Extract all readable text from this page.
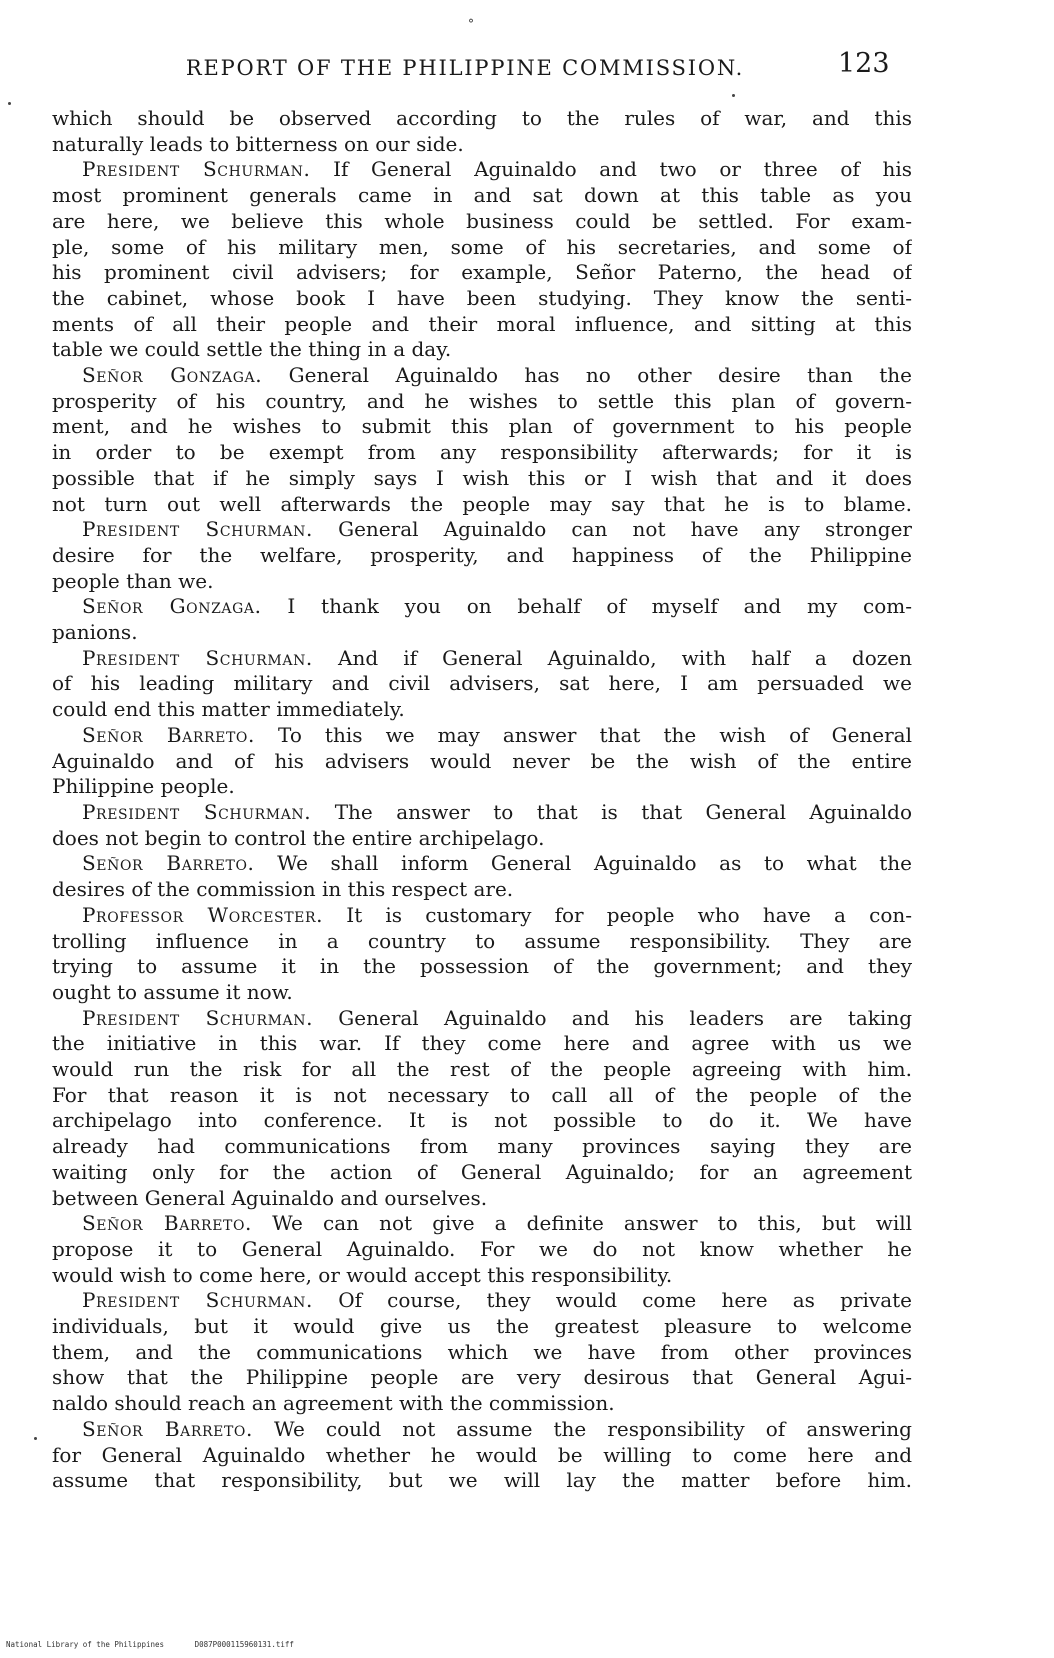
°
REPORT OF THE PHILIPPINE COMMISSION.	123
which should be observed according to the rules of war, and this
naturally leads to bitterness on our side.
President Schurman. If General Aguinaldo and two or three of his
most prominent generals came in and sat down at this table as you
are here, we believe this whole business could be settled. For exam-
ple, some of his military men, some of his secretaries, and some of
his prominent civil advisers; for example, Señor Paterno, the head of
the cabinet, whose book I have been studying. They know the senti-
ments of all their people and their moral influence, and sitting at this
table we could settle the thing in a day.
Señor Gonzaga. General Aguinaldo has no other desire than the
prosperity of his country, and he wishes to settle this plan of govern-
ment, and he wishes to submit this plan of government to his people
in order to be exempt from any responsibility afterwards; for it is
possible that if he simply says I wish this or I wish that and it does
not turn out well afterwards the people may say that he is to blame.
President Schurman. General Aguinaldo can not have any stronger
desire for the welfare, prosperity, and happiness of the Philippine
people than we.
Señor Gonzaga. I thank you on behalf of myself and my com-
panions.
President Schurman. And if General Aguinaldo, with half a dozen
of his leading military and civil advisers, sat here, I am persuaded we
could end this matter immediately.
Señor Barreto. To this we may answer that the wish of General
Aguinaldo and of his advisers would never be the wish of the entire
Philippine people.
President Schurman. The answer to that is that General Aguinaldo
does not begin to control the entire archipelago.
Señor Barreto. We shall inform General Aguinaldo as to what the
desires of the commission in this respect are.
Professor Worcester. It is customary for people who have a con-
trolling influence in a country to assume responsibility. They are
trying to assume it in the possession of the government; and they
ought to assume it now.
President Schurman. General Aguinaldo and his leaders are taking
the initiative in this war. If they come here and agree with us we
would run the risk for all the rest of the people agreeing with him.
For that reason it is not necessary to call all of the people of the
archipelago into conference. It is not possible to do it. We have
already had communications from many provinces saying they are
waiting only for the action of General Aguinaldo; for an agreement
between General Aguinaldo and ourselves.
Señor Barreto. We can not give a definite answer to this, but will
propose it to General Aguinaldo. For we do not know whether he
would wish to come here, or would accept this responsibility.
President Schurman. Of course, they would come here as private
individuals, but it would give us the greatest pleasure to welcome
them, and the communications which we have from other provinces
show that the Philippine people are very desirous that General Agui-
naldo should reach an agreement with the commission.
Señor Barreto. We could not assume the responsibility of answering
for General Aguinaldo whether he would be willing to come here and
assume that responsibility, but we will lay the matter before him.
National Library of the Philippines	D087P000115960131.tiff
